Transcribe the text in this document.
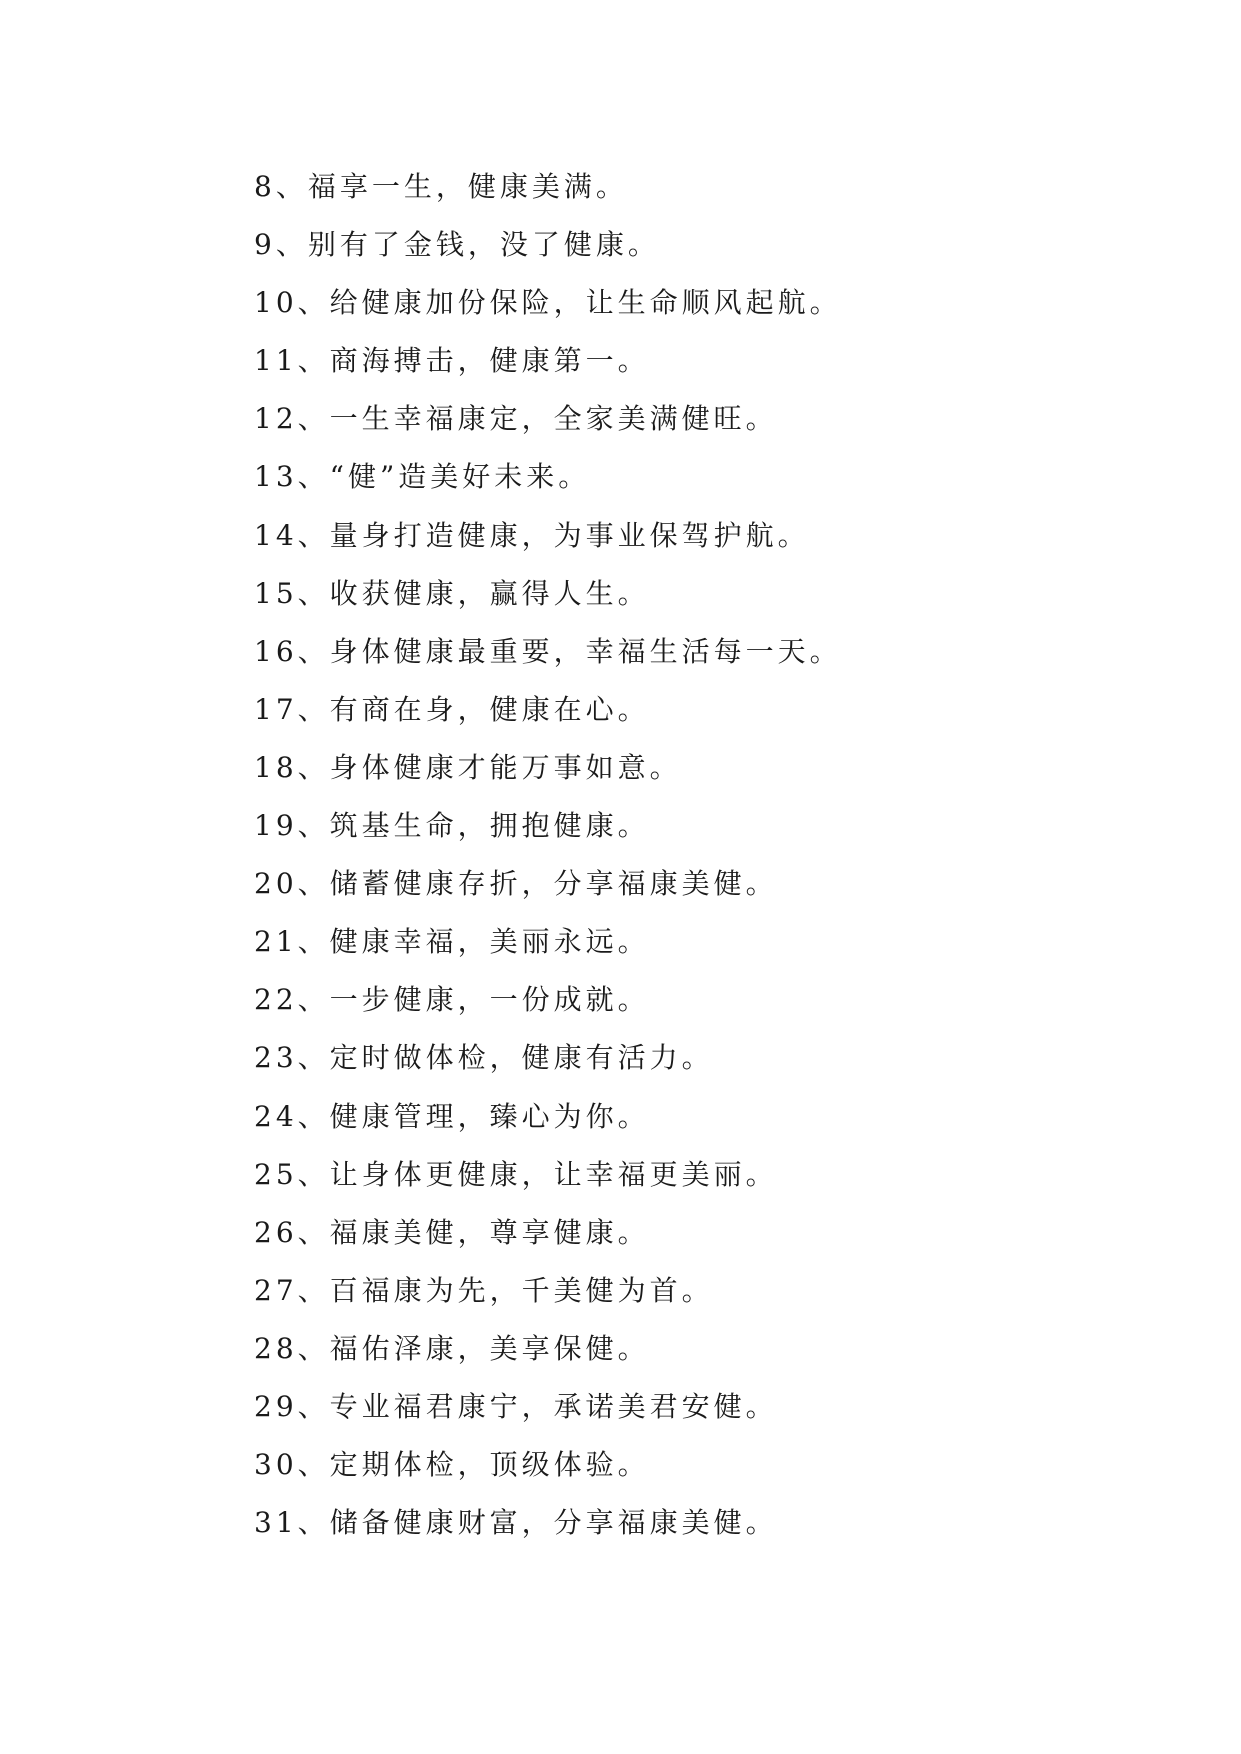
8、福享一生，健康美满。
9、别有了金钱，没了健康。
10、给健康加份保险，让生命顺风起航。
11、商海搏击，健康第一。
12、一生幸福康定，全家美满健旺。
13、“健”造美好未来。
14、量身打造健康，为事业保驾护航。
15、收获健康，赢得人生。
16、身体健康最重要，幸福生活每一天。
17、有商在身，健康在心。
18、身体健康才能万事如意。
19、筑基生命，拥抱健康。
20、储蓄健康存折，分享福康美健。
21、健康幸福，美丽永远。
22、一步健康，一份成就。
23、定时做体检，健康有活力。
24、健康管理，臻心为你。
25、让身体更健康，让幸福更美丽。
26、福康美健，尊享健康。
27、百福康为先，千美健为首。
28、福佑泽康，美享保健。
29、专业福君康宁，承诺美君安健。
30、定期体检，顶级体验。
31、储备健康财富，分享福康美健。
